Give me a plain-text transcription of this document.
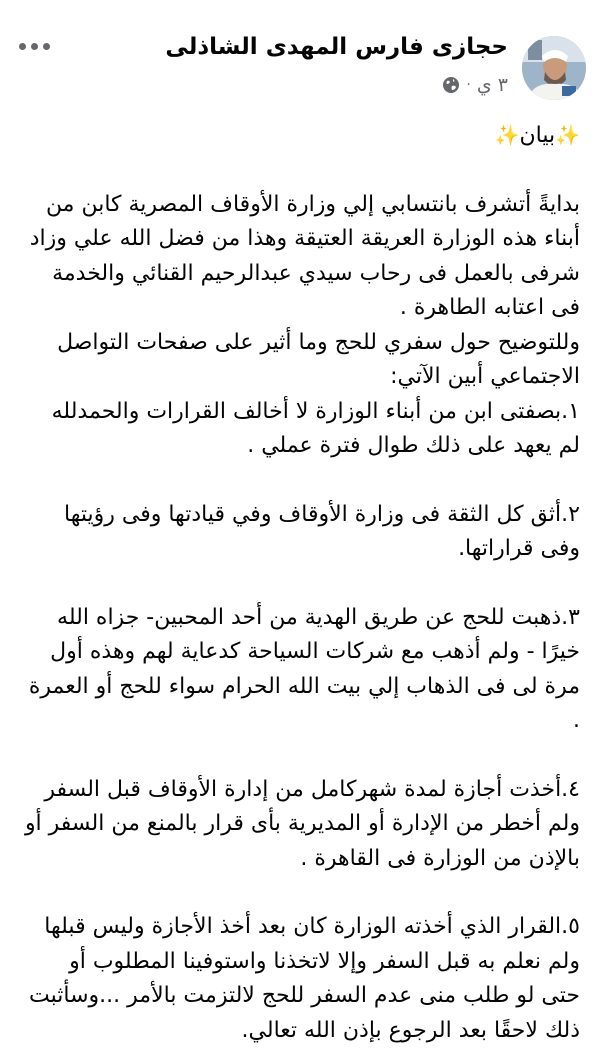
حجازى فارس المهدى الشاذلى
٣ ي
·

✨بيان✨

بدايةً أتشرف بانتسابي إلي وزارة الأوقاف المصرية كابن من أبناء هذه الوزارة العريقة العتيقة وهذا من فضل الله علي وزاد شرفى بالعمل فى رحاب سيدي عبدالرحيم القنائي والخدمة فى اعتابه الطاهرة .

وللتوضيح حول سفري للحج وما أثير على صفحات التواصل الاجتماعي أبين الآتي:

١.بصفتى ابن من أبناء الوزارة لا أخالف القرارات والحمدلله لم يعهد على ذلك طوال فترة عملي .

٢.أثق كل الثقة فى وزارة الأوقاف وفي قيادتها وفى رؤيتها وفى قراراتها.

٣.ذهبت للحج عن طريق الهدية من أحد المحبين- جزاه الله خيرًا - ولم أذهب مع شركات السياحة كدعاية لهم وهذه أول مرة لى فى الذهاب إلي بيت الله الحرام سواء للحج أو العمرة .

٤.أخذت أجازة لمدة شهركامل من إدارة الأوقاف قبل السفر ولم أخطر من الإدارة أو المديرية بأى قرار بالمنع من السفر أو بالإذن من الوزارة فى القاهرة .

٥.القرار الذي أخذته الوزارة كان بعد أخذ الأجازة وليس قبلها ولم نعلم به قبل السفر وإلا لاتخذنا واستوفينا المطلوب أو حتى لو طلب منى عدم السفر للحج لالتزمت بالأمر ...وسأثبت ذلك لاحقًا بعد الرجوع بإذن الله تعالي.
